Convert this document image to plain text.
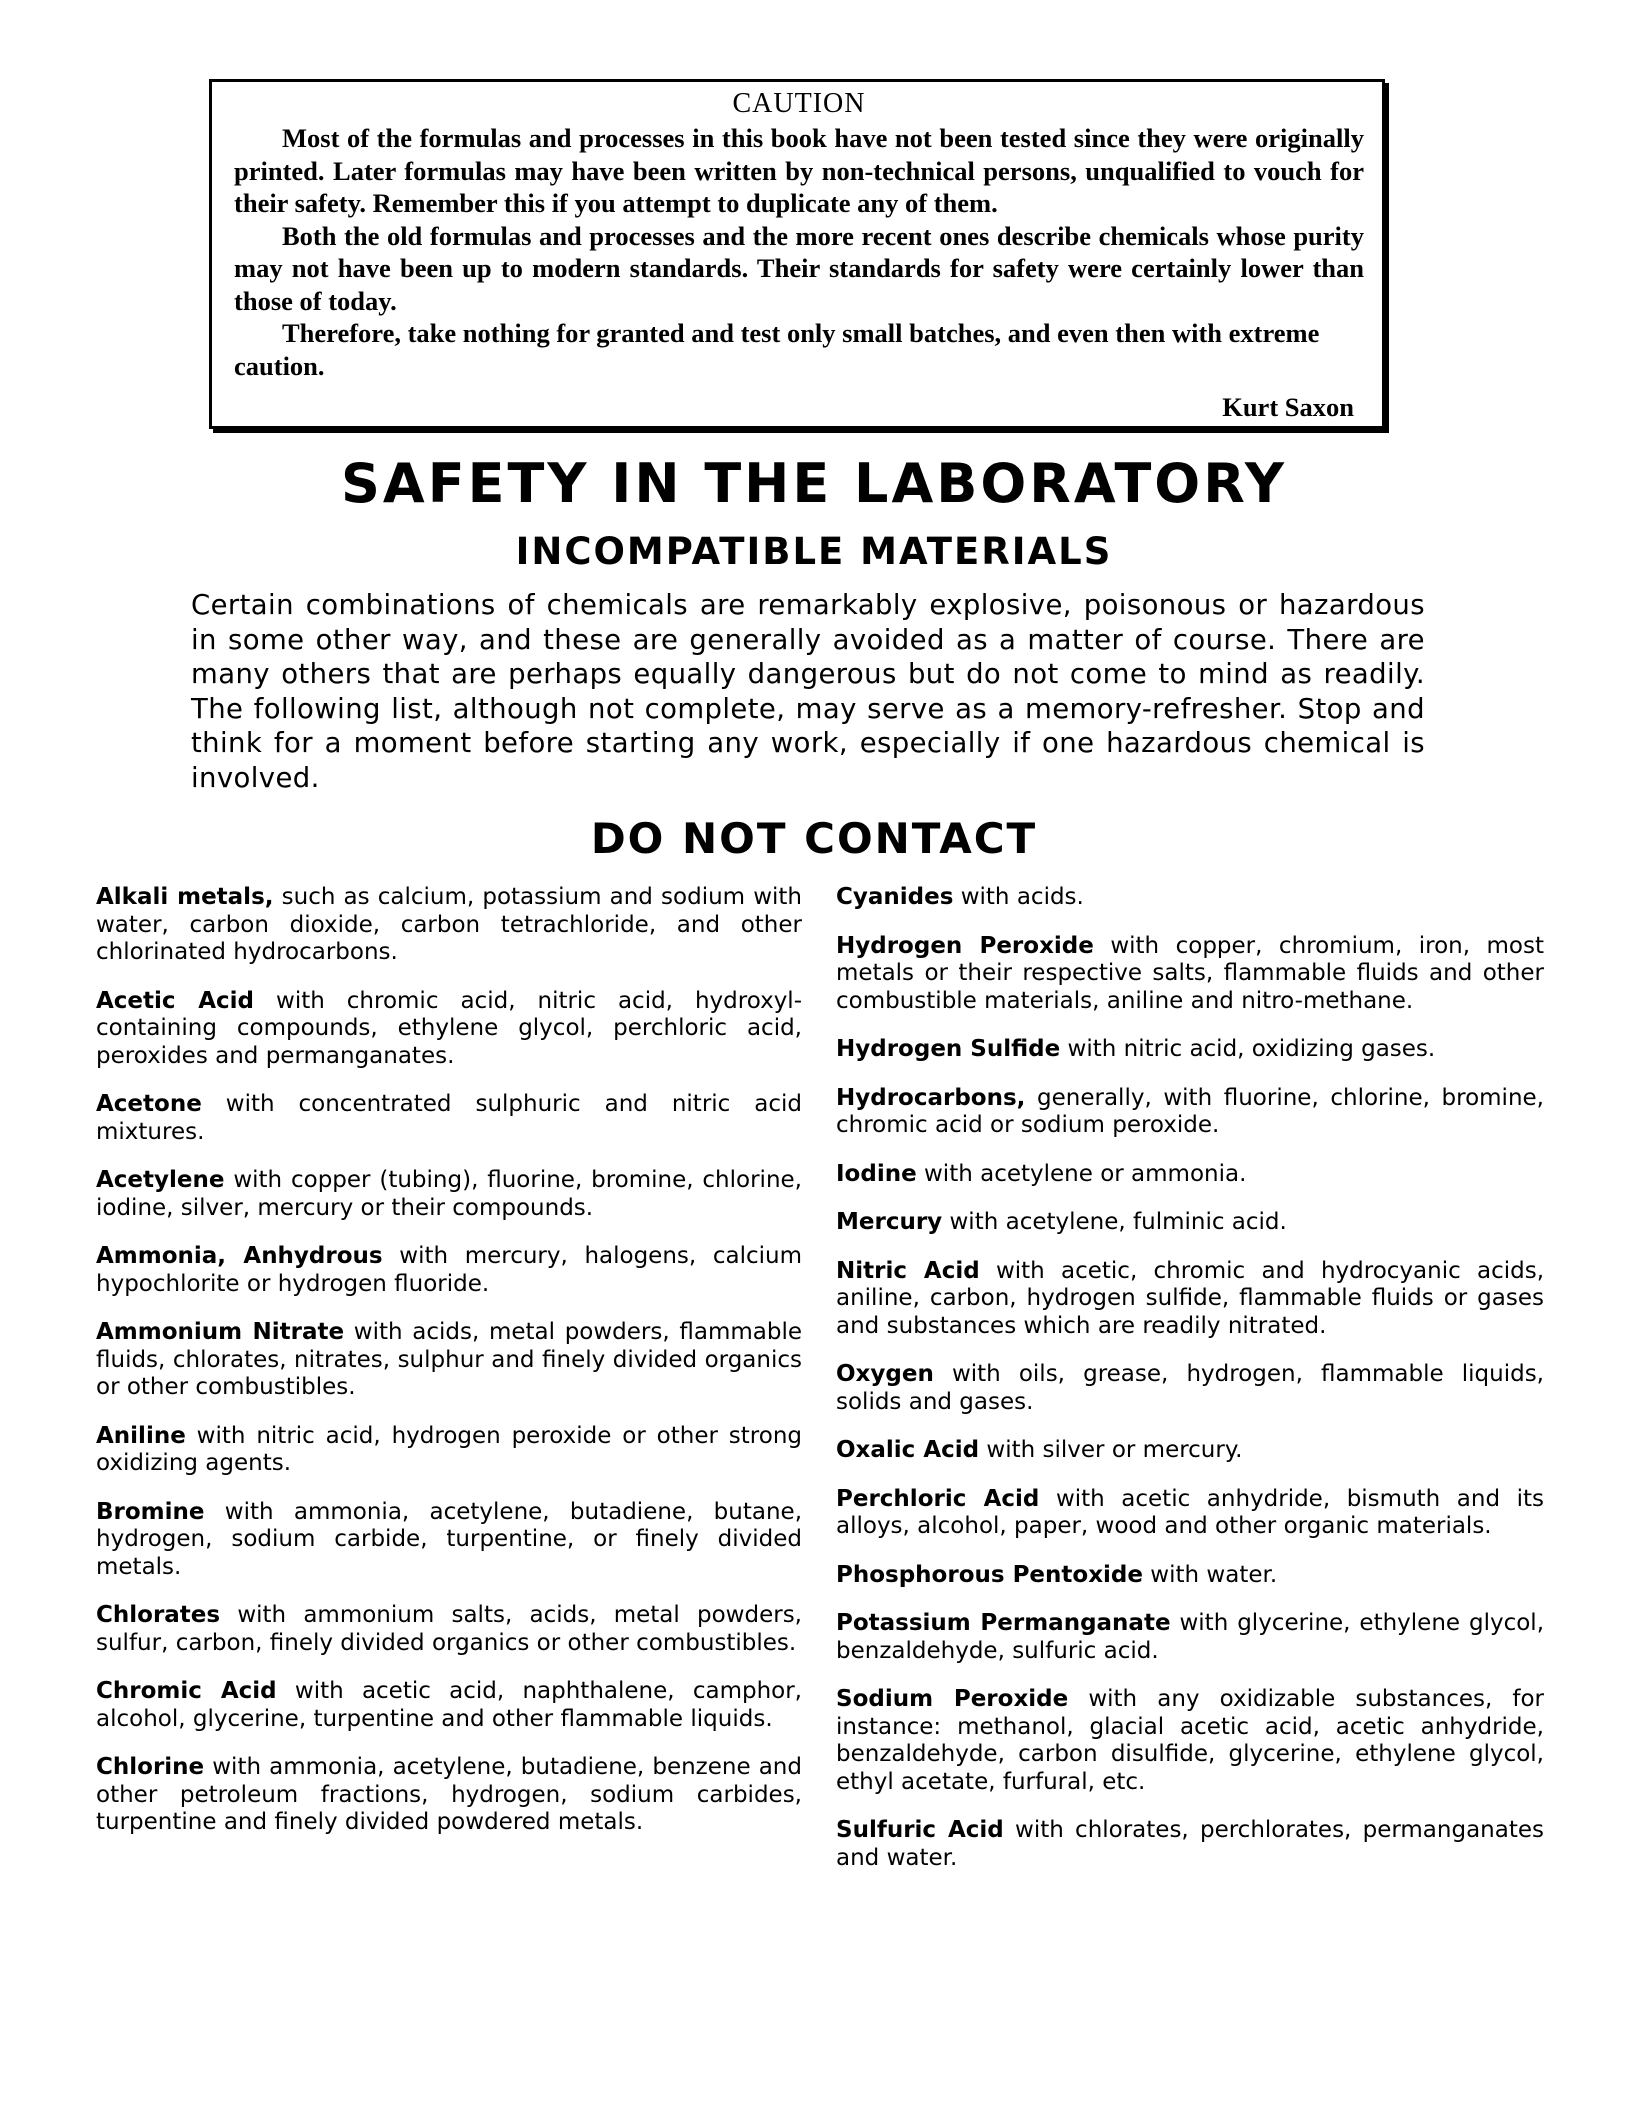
CAUTION

Most of the formulas and processes in this book have not been tested since they were originally printed. Later formulas may have been written by non-technical persons, unqualified to vouch for their safety. Remember this if you attempt to duplicate any of them.

Both the old formulas and processes and the more recent ones describe chemicals whose purity may not have been up to modern standards. Their standards for safety were certainly lower than those of today.

Therefore, take nothing for granted and test only small batches, and even then with extreme caution.

Kurt Saxon
SAFETY IN THE LABORATORY
INCOMPATIBLE MATERIALS

Certain combinations of chemicals are remarkably explosive, poisonous or hazardous in some other way, and these are generally avoided as a matter of course. There are many others that are perhaps equally dangerous but do not come to mind as readily. The following list, although not complete, may serve as a memory-refresher. Stop and think for a moment before starting any work, especially if one hazardous chemical is involved.

DO NOT CONTACT

Alkali metals, such as calcium, potassium and sodium with water, carbon dioxide, carbon tetrachloride, and other chlorinated hydrocarbons.

Acetic Acid with chromic acid, nitric acid, hydroxyl-containing compounds, ethylene glycol, perchloric acid, peroxides and permanganates.

Acetone with concentrated sulphuric and nitric acid mixtures.

Acetylene with copper (tubing), fluorine, bromine, chlorine, iodine, silver, mercury or their compounds.

Ammonia, Anhydrous with mercury, halogens, calcium hypochlorite or hydrogen fluoride.

Ammonium Nitrate with acids, metal powders, flammable fluids, chlorates, nitrates, sulphur and finely divided organics or other combustibles.

Aniline with nitric acid, hydrogen peroxide or other strong oxidizing agents.

Bromine with ammonia, acetylene, butadiene, butane, hydrogen, sodium carbide, turpentine, or finely divided metals.

Chlorates with ammonium salts, acids, metal powders, sulfur, carbon, finely divided organics or other combustibles.

Chromic Acid with acetic acid, naphthalene, camphor, alcohol, glycerine, turpentine and other flammable liquids.

Chlorine with ammonia, acetylene, butadiene, benzene and other petroleum fractions, hydrogen, sodium carbides, turpentine and finely divided powdered metals.

Cyanides with acids.

Hydrogen Peroxide with copper, chromium, iron, most metals or their respective salts, flammable fluids and other combustible materials, aniline and nitro-methane.

Hydrogen Sulfide with nitric acid, oxidizing gases.

Hydrocarbons, generally, with fluorine, chlorine, bromine, chromic acid or sodium peroxide.

Iodine with acetylene or ammonia.

Mercury with acetylene, fulminic acid.

Nitric Acid with acetic, chromic and hydrocyanic acids, aniline, carbon, hydrogen sulfide, flammable fluids or gases and substances which are readily nitrated.

Oxygen with oils, grease, hydrogen, flammable liquids, solids and gases.

Oxalic Acid with silver or mercury.

Perchloric Acid with acetic anhydride, bismuth and its alloys, alcohol, paper, wood and other organic materials.

Phosphorous Pentoxide with water.

Potassium Permanganate with glycerine, ethylene glycol, benzaldehyde, sulfuric acid.

Sodium Peroxide with any oxidizable substances, for instance: methanol, glacial acetic acid, acetic anhydride, benzaldehyde, carbon disulfide, glycerine, ethylene glycol, ethyl acetate, furfural, etc.

Sulfuric Acid with chlorates, perchlorates, permanganates and water.
